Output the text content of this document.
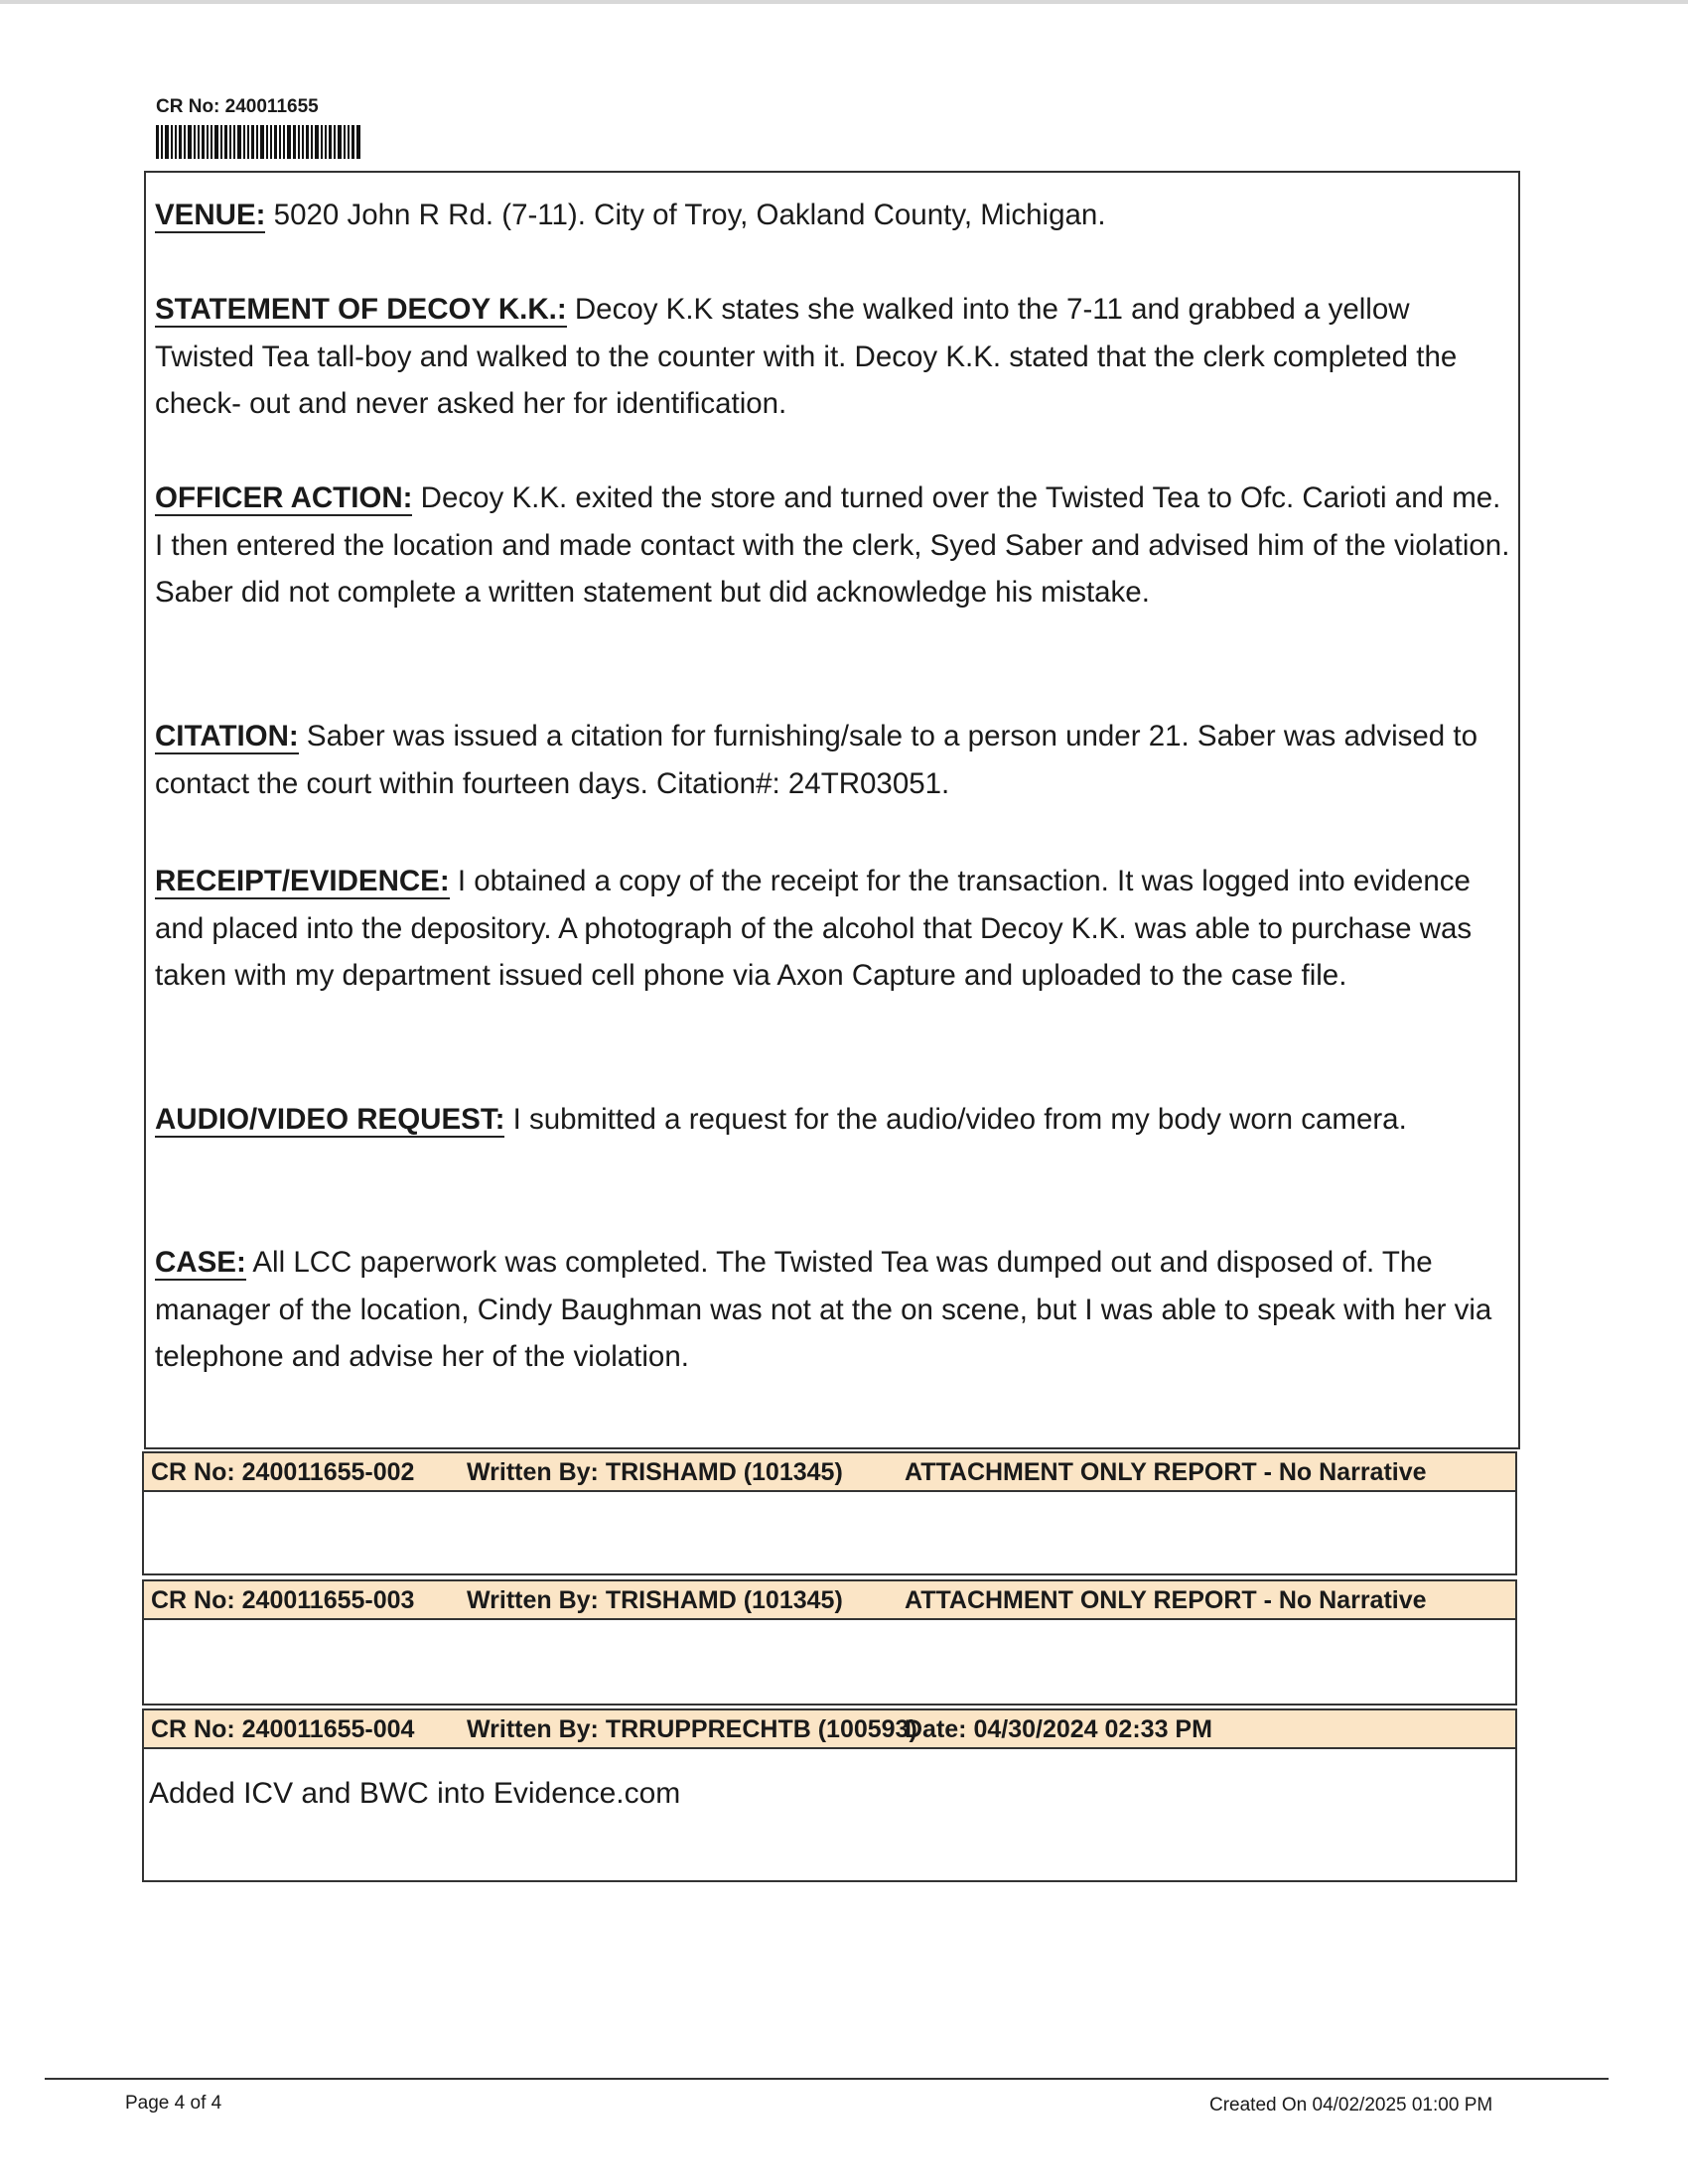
CR No: 240011655
VENUE: 5020 John R Rd. (7-11). City of Troy, Oakland County, Michigan.
STATEMENT OF DECOY K.K.: Decoy K.K states she walked into the 7-11 and grabbed a yellow Twisted Tea tall-boy and walked to the counter with it. Decoy K.K. stated that the clerk completed the check- out and never asked her for identification.
OFFICER ACTION: Decoy K.K. exited the store and turned over the Twisted Tea to Ofc. Carioti and me. I then entered the location and made contact with the clerk, Syed Saber and advised him of the violation. Saber did not complete a written statement but did acknowledge his mistake.
CITATION: Saber was issued a citation for furnishing/sale to a person under 21. Saber was advised to contact the court within fourteen days. Citation#: 24TR03051.
RECEIPT/EVIDENCE: I obtained a copy of the receipt for the transaction. It was logged into evidence and placed into the depository. A photograph of the alcohol that Decoy K.K. was able to purchase was taken with my department issued cell phone via Axon Capture and uploaded to the case file.
AUDIO/VIDEO REQUEST: I submitted a request for the audio/video from my body worn camera.
CASE: All LCC paperwork was completed. The Twisted Tea was dumped out and disposed of. The manager of the location, Cindy Baughman was not at the on scene, but I was able to speak with her via telephone and advise her of the violation.
CR No: 240011655-002 Written By: TRISHAMD (101345) ATTACHMENT ONLY REPORT - No Narrative
CR No: 240011655-003 Written By: TRISHAMD (101345) ATTACHMENT ONLY REPORT - No Narrative
CR No: 240011655-004 Written By: TRRUPPRECHTB (100593)Date: 04/30/2024 02:33 PM
Added ICV and BWC into Evidence.com
Page 4 of 4	Created On 04/02/2025 01:00 PM
